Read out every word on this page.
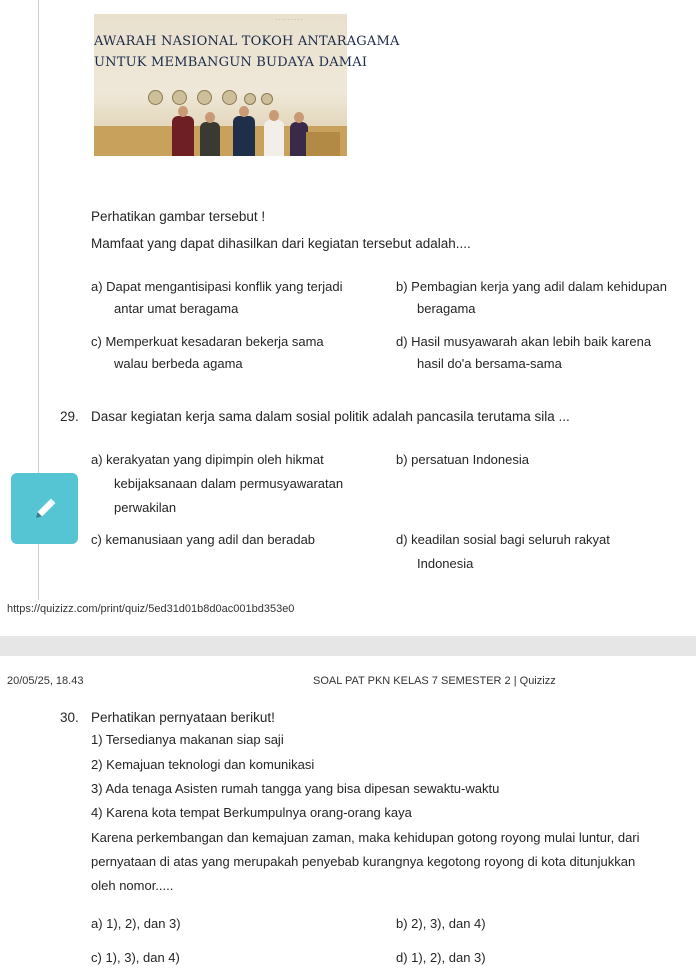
· · · · · · · · ·
AWARAH NASIONAL TOKOH ANTARAGAMA
UNTUK MEMBANGUN BUDAYA DAMAI
Perhatikan gambar tersebut !
Mamfaat yang dapat dihasilkan dari kegiatan tersebut adalah....
a) Dapat mengantisipasi konflik yang terjadi
antar umat beragama
b) Pembagian kerja yang adil dalam kehidupan
beragama
c) Memperkuat kesadaran bekerja sama
walau berbeda agama
d) Hasil musyawarah akan lebih baik karena
hasil do'a bersama-sama
29. Dasar kegiatan kerja sama dalam sosial politik adalah pancasila terutama sila ...
a) kerakyatan yang dipimpin oleh hikmat
kebijaksanaan dalam permusyawaratan
perwakilan
b) persatuan Indonesia
c) kemanusiaan yang adil dan beradab	d) keadilan sosial bagi seluruh rakyat
Indonesia
https://quizizz.com/print/quiz/5ed31d01b8d0ac001bd353e0
20/05/25, 18.43	SOAL PAT PKN KELAS 7 SEMESTER 2 | Quizizz
30. Perhatikan pernyataan berikut!
1) Tersedianya makanan siap saji
2) Kemajuan teknologi dan komunikasi
3) Ada tenaga Asisten rumah tangga yang bisa dipesan sewaktu-waktu
4) Karena kota tempat Berkumpulnya orang-orang kaya
Karena perkembangan dan kemajuan zaman, maka kehidupan gotong royong mulai luntur, dari
pernyataan di atas yang merupakah penyebab kurangnya kegotong royong di kota ditunjukkan
oleh nomor.....
a) 1), 2), dan 3)	b) 2), 3), dan 4)
c) 1), 3), dan 4)	d) 1), 2), dan 3)
